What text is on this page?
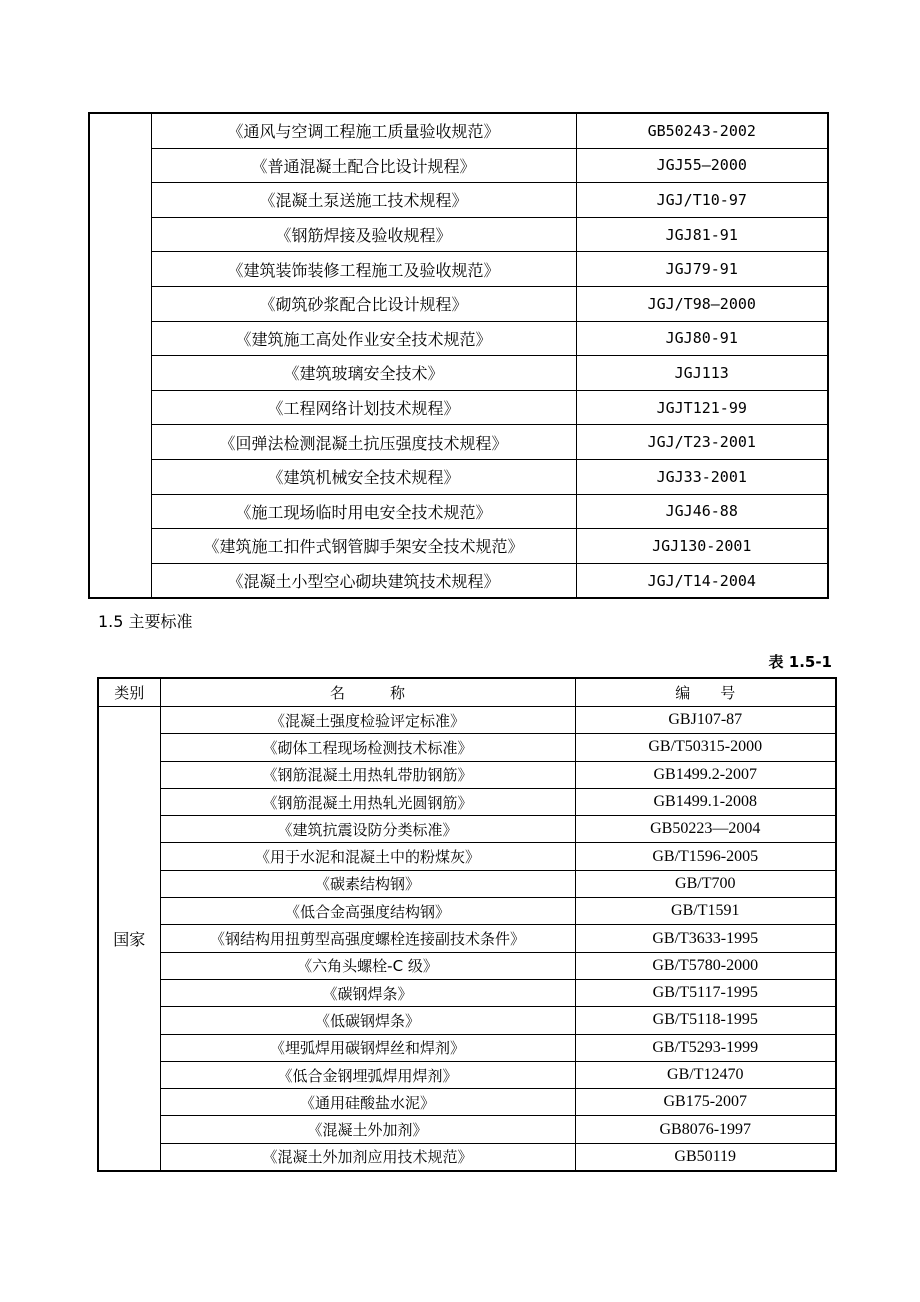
	《通风与空调工程施工质量验收规范》	GB50243-2002
	《普通混凝土配合比设计规程》	JGJ55—2000
	《混凝土泵送施工技术规程》	JGJ/T10-97
	《钢筋焊接及验收规程》	JGJ81-91
	《建筑装饰装修工程施工及验收规范》	JGJ79-91
	《砌筑砂浆配合比设计规程》	JGJ/T98—2000
	《建筑施工高处作业安全技术规范》	JGJ80-91
	《建筑玻璃安全技术》	JGJ113
	《工程网络计划技术规程》	JGJT121-99
	《回弹法检测混凝土抗压强度技术规程》	JGJ/T23-2001
	《建筑机械安全技术规程》	JGJ33-2001
	《施工现场临时用电安全技术规范》	JGJ46-88
	《建筑施工扣件式钢管脚手架安全技术规范》	JGJ130-2001
	《混凝土小型空心砌块建筑技术规程》	JGJ/T14-2004
1.5 主要标准
表 1.5-1
类别	名　　　称	编　　号
国家	《混凝土强度检验评定标准》	GBJ107-87
	《砌体工程现场检测技术标准》	GB/T50315-2000
	《钢筋混凝土用热轧带肋钢筋》	GB1499.2-2007
	《钢筋混凝土用热轧光圆钢筋》	GB1499.1-2008
	《建筑抗震设防分类标准》	GB50223—2004
	《用于水泥和混凝土中的粉煤灰》	GB/T1596-2005
	《碳素结构钢》	GB/T700
	《低合金高强度结构钢》	GB/T1591
	《钢结构用扭剪型高强度螺栓连接副技术条件》	GB/T3633-1995
	《六角头螺栓-C 级》	GB/T5780-2000
	《碳钢焊条》	GB/T5117-1995
	《低碳钢焊条》	GB/T5118-1995
	《埋弧焊用碳钢焊丝和焊剂》	GB/T5293-1999
	《低合金钢埋弧焊用焊剂》	GB/T12470
	《通用硅酸盐水泥》	GB175-2007
	《混凝土外加剂》	GB8076-1997
	《混凝土外加剂应用技术规范》	GB50119
